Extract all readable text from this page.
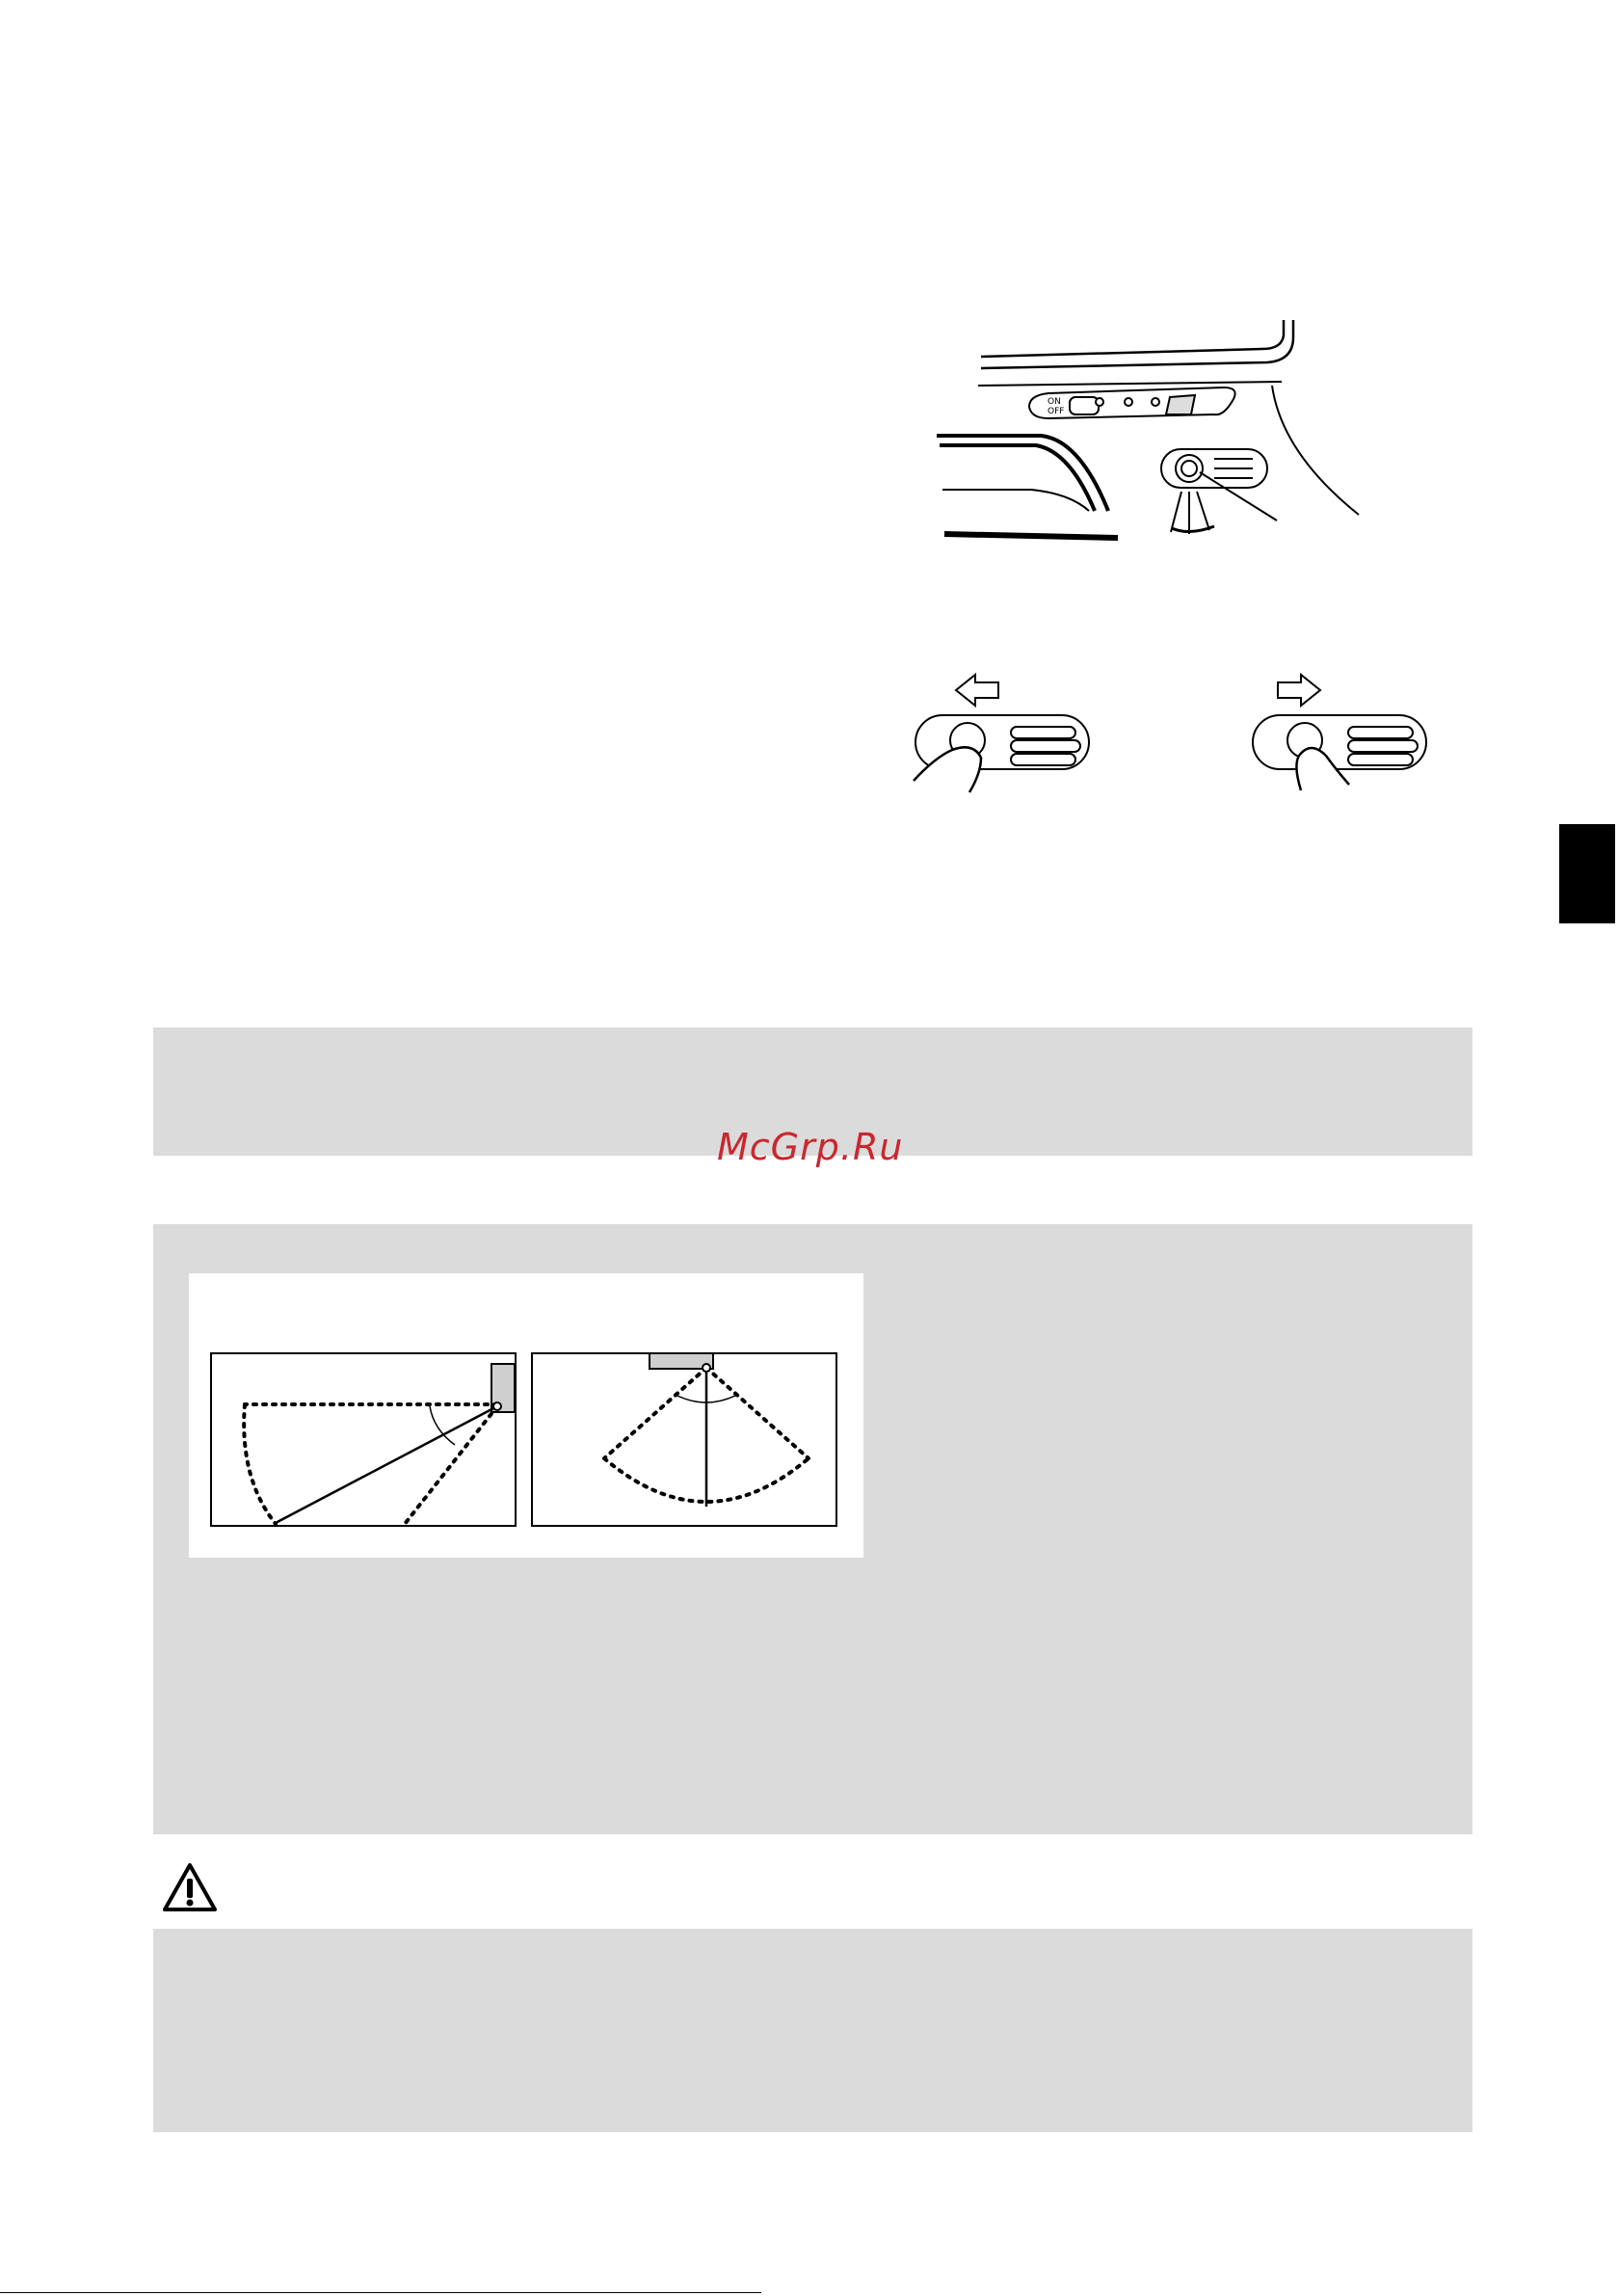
ON
OFF
McGrp.Ru
